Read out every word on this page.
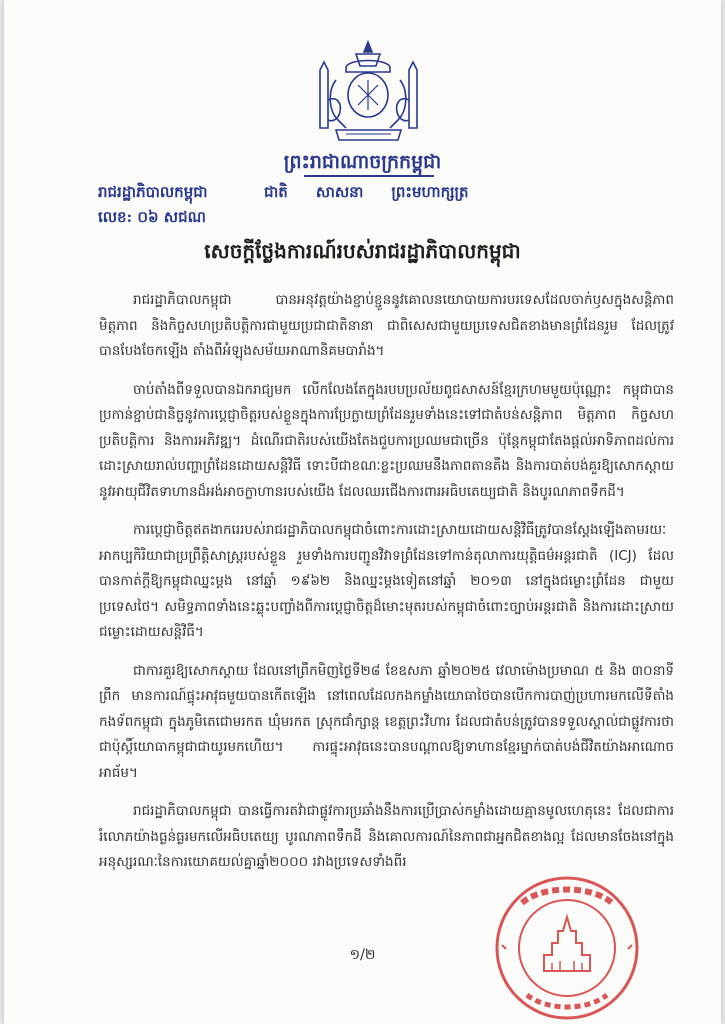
ព្រះរាជាណាចក្រកម្ពុជា
រាជរដ្ឋាភិបាលកម្ពុជា	ជាតិ សាសនា ព្រះមហាក្សត្រ
លេខ: ០៦ សជណ
សេចក្តីថ្លែងការណ៍របស់រាជរដ្ឋាភិបាលកម្ពុជា

រាជរដ្ឋាភិបាលកម្ពុជា បានអនុវត្តយ៉ាងខ្ជាប់ខ្ជួននូវគោលនយោបាយការបរទេសដែលចាក់ឫសក្នុងសន្តិភាព មិត្តភាព និងកិច្ចសហប្រតិបត្តិការជាមួយប្រជាជាតិនានា ជាពិសេសជាមួយប្រទេសជិតខាងមានព្រំដែនរួម ដែលត្រូវបានបែងចែកឡើង តាំងពីអំឡុងសម័យអាណានិគមបារាំង។

ចាប់តាំងពីទទួលបានឯករាជ្យមក លើកលែងតែក្នុងរបបប្រល័យពូជសាសន៍ខ្មែរក្រហមមួយប៉ុណ្ណោះ កម្ពុជាបានប្រកាន់ខ្ជាប់ជានិច្ចនូវការប្តេជ្ញាចិត្តរបស់ខ្លួនក្នុងការប្រែក្លាយព្រំដែនរួមទាំងនេះទៅជាតំបន់សន្តិភាព មិត្តភាព កិច្ចសហប្រតិបត្តិការ និងការអភិវឌ្ឍ។ ដំណើរជាតិរបស់យើងតែងជួបការប្រឈមជាច្រើន ប៉ុន្តែកម្ពុជាតែងផ្តល់អាទិភាពដល់ការដោះស្រាយរាល់បញ្ហាព្រំដែនដោយសន្តិវិធី ទោះបីជាខណៈខ្លះប្រឈមនឹងភាពតានតឹង និងការបាត់បង់គួរឱ្យសោកស្តាយនូវអាយុជីវិតទាហានដ៏អង់អាចក្លាហានរបស់យើង ដែលឈរជើងការពារអធិបតេយ្យជាតិ និងបូរណភាពទឹកដី។

ការប្តេជ្ញាចិត្តឥតងាករេរបស់រាជរដ្ឋាភិបាលកម្ពុជាចំពោះការដោះស្រាយដោយសន្តិវិធីត្រូវបានស្តែងឡើងតាមរយៈអាកប្បកិរិយាជាប្រព្រឹត្តិសាស្ត្ររបស់ខ្លួន រួមទាំងការបញ្ជូនវិវាទព្រំដែនទៅកាន់តុលាការយុត្តិធម៌អន្តរជាតិ (ICJ) ដែលបានកាត់ក្តីឱ្យកម្ពុជាឈ្នះម្តង នៅឆ្នាំ ១៩៦២ និងឈ្នះម្តងទៀតនៅឆ្នាំ ២០១៣ នៅក្នុងជម្លោះព្រំដែន ជាមួយប្រទេសថៃ។ សមិទ្ធភាពទាំងនេះឆ្លុះបញ្ចាំងពីការប្តេជ្ញាចិត្តដ៏មោះមុតរបស់កម្ពុជាចំពោះច្បាប់អន្តរជាតិ និងការដោះស្រាយជម្លោះដោយសន្តិវិធី។

ជាការគួរឱ្យសោកស្តាយ ដែលនៅព្រឹកមិញថ្ងៃទី២៨ ខែឧសភា ឆ្នាំ២០២៥ វេលាម៉ោងប្រមាណ ៥ និង ៣០នាទីព្រឹក មានការណ៍ផ្ទុះអាវុធមួយបានកើតឡើង នៅពេលដែលកងកម្លាំងយោធាថៃបានបើកការបាញ់ប្រហារមកលើទីតាំងកងទ័ពកម្ពុជា ក្នុងភូមិតេជោមរកត ឃុំមរកត ស្រុកជាំក្សាន្ត ខេត្តព្រះវិហារ ដែលជាតំបន់ត្រូវបានទទួលស្គាល់ជាផ្លូវការថាជាប៉ុស្តិ៍យោធាកម្ពុជាជាយូរមកហើយ។ ការផ្ទុះអាវុធនេះបានបណ្តាលឱ្យទាហានខ្មែរម្នាក់បាត់បង់ជីវិតយ៉ាងអាណោចអាធ័ម។

រាជរដ្ឋាភិបាលកម្ពុជា បានធ្វើការតវ៉ាជាផ្លូវការប្រឆាំងនឹងការប្រើប្រាស់កម្លាំងដោយគ្មានមូលហេតុនេះ ដែលជាការរំលោភយ៉ាងធ្ងន់ធ្ងរមកលើអធិបតេយ្យ បូរណភាពទឹកដី និងគោលការណ៍នៃភាពជាអ្នកជិតខាងល្អ ដែលមានចែងនៅក្នុងអនុស្សរណៈនៃការយោគយល់គ្នាឆ្នាំ២០០០ រវាងប្រទេសទាំងពីរ

១/២
